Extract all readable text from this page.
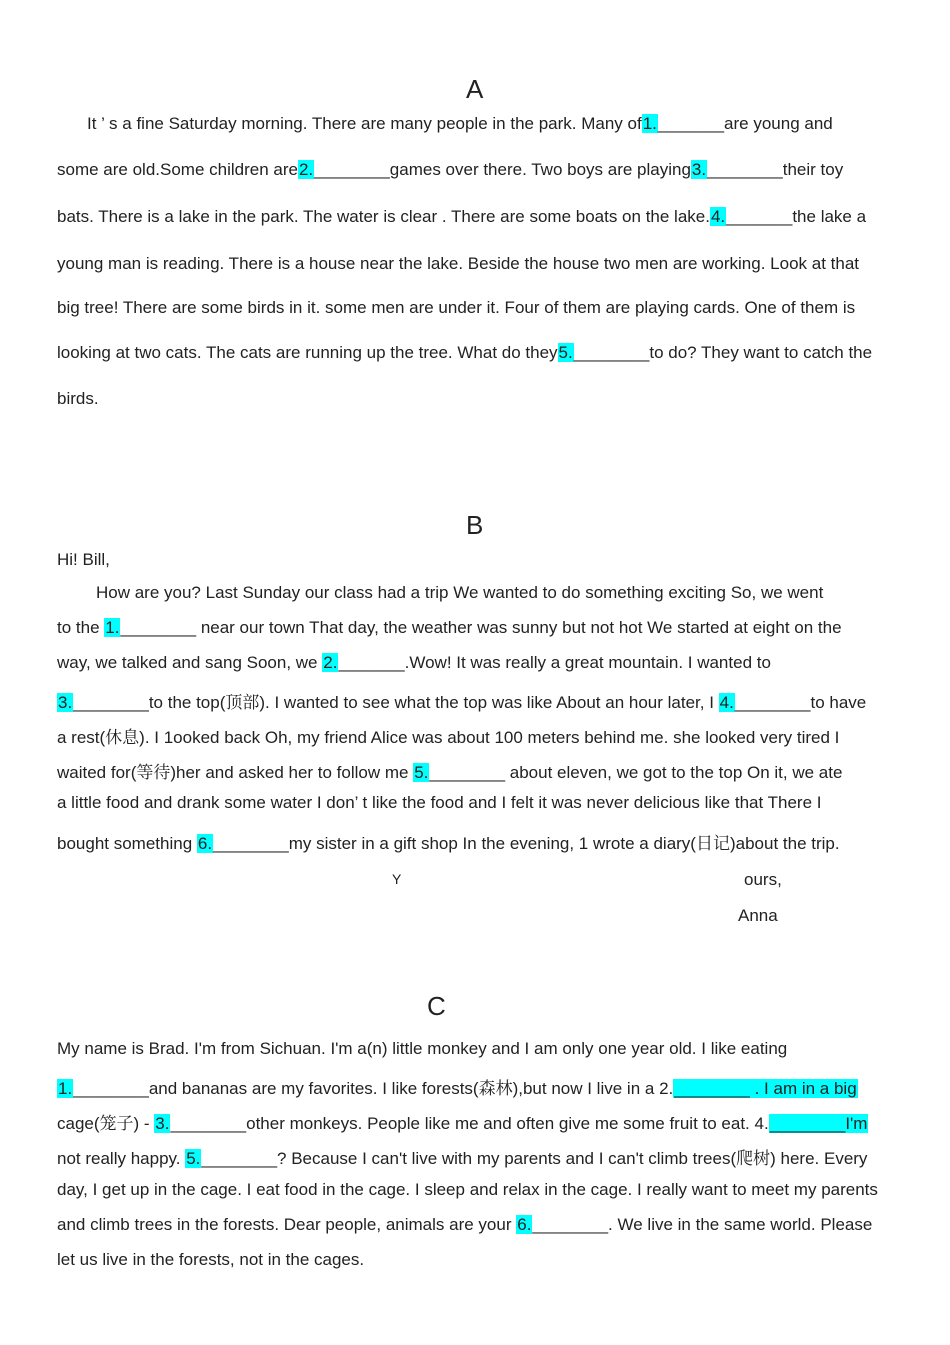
A
It ’ s a fine Saturday morning. There are many people in the park. Many of1._______are young and
some are old.Some children are2.________games over there. Two boys are playing3.________their toy
bats. There is a lake in the park. The water is clear . There are some boats on the lake.4._______the lake a
young man is reading. There is a house near the lake. Beside the house two men are working. Look at that
big tree! There are some birds in it. some men are under it. Four of them are playing cards. One of them is
looking at two cats. The cats are running up the tree. What do they5.________to do? They want to catch the
birds.
B
Hi! Bill,
How are you? Last Sunday our class had a trip We wanted to do something exciting So, we went
to the 1.________ near our town That day, the weather was sunny but not hot We started at eight on the
way, we talked and sang Soon, we 2._______.Wow! It was really a great mountain. I wanted to
3.________to the top(顶部). I wanted to see what the top was like About an hour later, I 4.________to have
a rest(休息). I 1ooked back Oh, my friend Alice was about 100 meters behind me. she looked very tired I
waited for(等待)her and asked her to follow me 5.________ about eleven, we got to the top On it, we ate
a little food and drank some water I don’ t like the food and I felt it was never delicious like that There I
bought something 6.________my sister in a gift shop In the evening, 1 wrote a diary(日记)about the trip.
Y	ours,
Anna
C
My name is Brad. I'm from Sichuan. I'm a(n) little monkey and I am only one year old. I like eating
1.________and bananas are my favorites. I like forests(森林),but now I live in a 2.________ . I am in a big
cage(笼子) - 3.________other monkeys. People like me and often give me some fruit to eat. 4.________I'm
not really happy. 5.________? Because I can't live with my parents and I can't climb trees(爬树) here. Every
day, I get up in the cage. I eat food in the cage. I sleep and relax in the cage. I really want to meet my parents
and climb trees in the forests. Dear people, animals are your 6.________. We live in the same world. Please
let us live in the forests, not in the cages.
